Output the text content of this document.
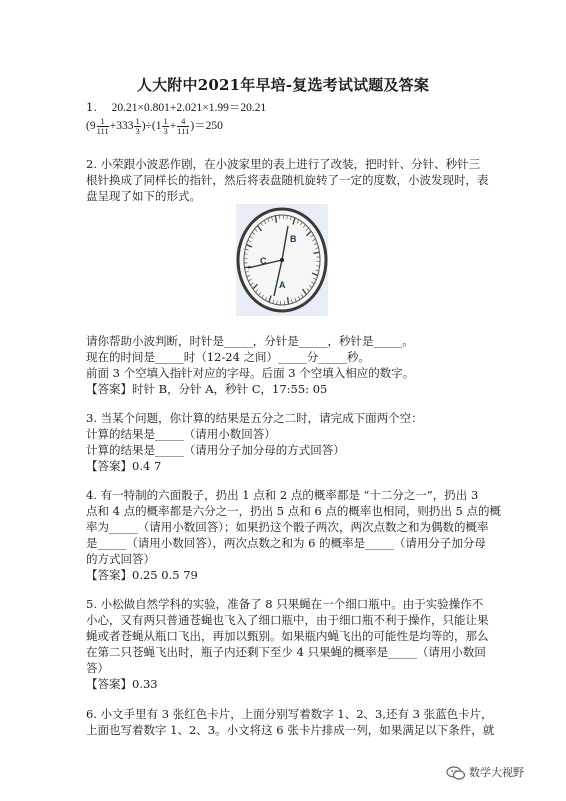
人大附中2021年早培-复选考试试题及答案
1. 20.21×0.801+2.021×1.99＝20.21
$(9 \frac{1}{111} +333 \frac{1}{3} )\div(1 \frac{1}{3} + \frac{4}{111} )=250$
2. 小荣跟小波恶作剧，在小波家里的表上进行了改装，把时针、分针、秒针三
根针换成了同样长的指针，然后将表盘随机旋转了一定的度数，小波发现时，表
盘呈现了如下的形式。
B
A
C
请你帮助小波判断，时针是_____，分针是_____，秒针是_____。
现在的时间是_____时（12-24 之间）_____分_____秒。
前面 3 个空填入指针对应的字母。后面 3 个空填入相应的数字。
【答案】时针 B，分针 A，秒针 C，17:55: 05
3. 当某个问题，你计算的结果是五分之二时，请完成下面两个空：
计算的结果是_____（请用小数回答）
计算的结果是_____（请用分子加分母的方式回答）
【答案】0.4 7
4. 有一特制的六面骰子，扔出 1 点和 2 点的概率都是 “十二分之一”，扔出 3
点和 4 点的概率都是六分之一，扔出 5 点和 6 点的概率也相同，则扔出 5 点的概
率为_____（请用小数回答）；如果扔这个骰子两次，两次点数之和为偶数的概率
是_____（请用小数回答），两次点数之和为 6 的概率是_____（请用分子加分母
的方式回答）
【答案】0.25 0.5 79
5. 小松做自然学科的实验，准备了 8 只果蝇在一个细口瓶中。由于实验操作不
小心，又有两只普通苍蝇也飞入了细口瓶中，由于细口瓶不利于操作，只能让果
蝇或者苍蝇从瓶口飞出，再加以甄别。如果瓶内蝇飞出的可能性是均等的，那么
在第二只苍蝇飞出时，瓶子内还剩下至少 4 只果蝇的概率是_____（请用小数回
答）
【答案】0.33
6. 小文手里有 3 张红色卡片，上面分别写着数字 1、2、3,还有 3 张蓝色卡片，
上面也写着数字 1、2、3。小文将这 6 张卡片排成一列，如果满足以下条件，就
数学大视野
